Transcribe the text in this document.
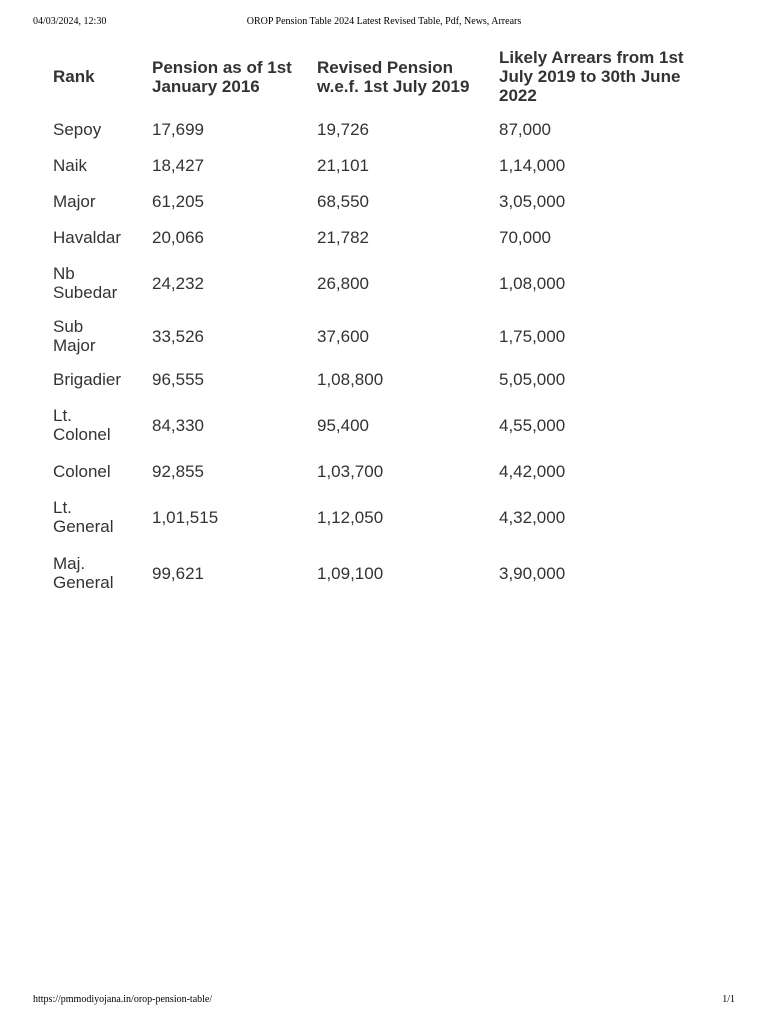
04/03/2024, 12:30	OROP Pension Table 2024 Latest Revised Table, Pdf, News, Arrears
Rank	Pension as of 1st January 2016	Revised Pension w.e.f. 1st July 2019	Likely Arrears from 1st July 2019 to 30th June 2022
Sepoy	17,699	19,726	87,000
Naik	18,427	21,101	1,14,000
Major	61,205	68,550	3,05,000
Havaldar	20,066	21,782	70,000
Nb Subedar	24,232	26,800	1,08,000
Sub Major	33,526	37,600	1,75,000
Brigadier	96,555	1,08,800	5,05,000
Lt. Colonel	84,330	95,400	4,55,000
Colonel	92,855	1,03,700	4,42,000
Lt. General	1,01,515	1,12,050	4,32,000
Maj. General	99,621	1,09,100	3,90,000
https://pmmodiyojana.in/orop-pension-table/	1/1
